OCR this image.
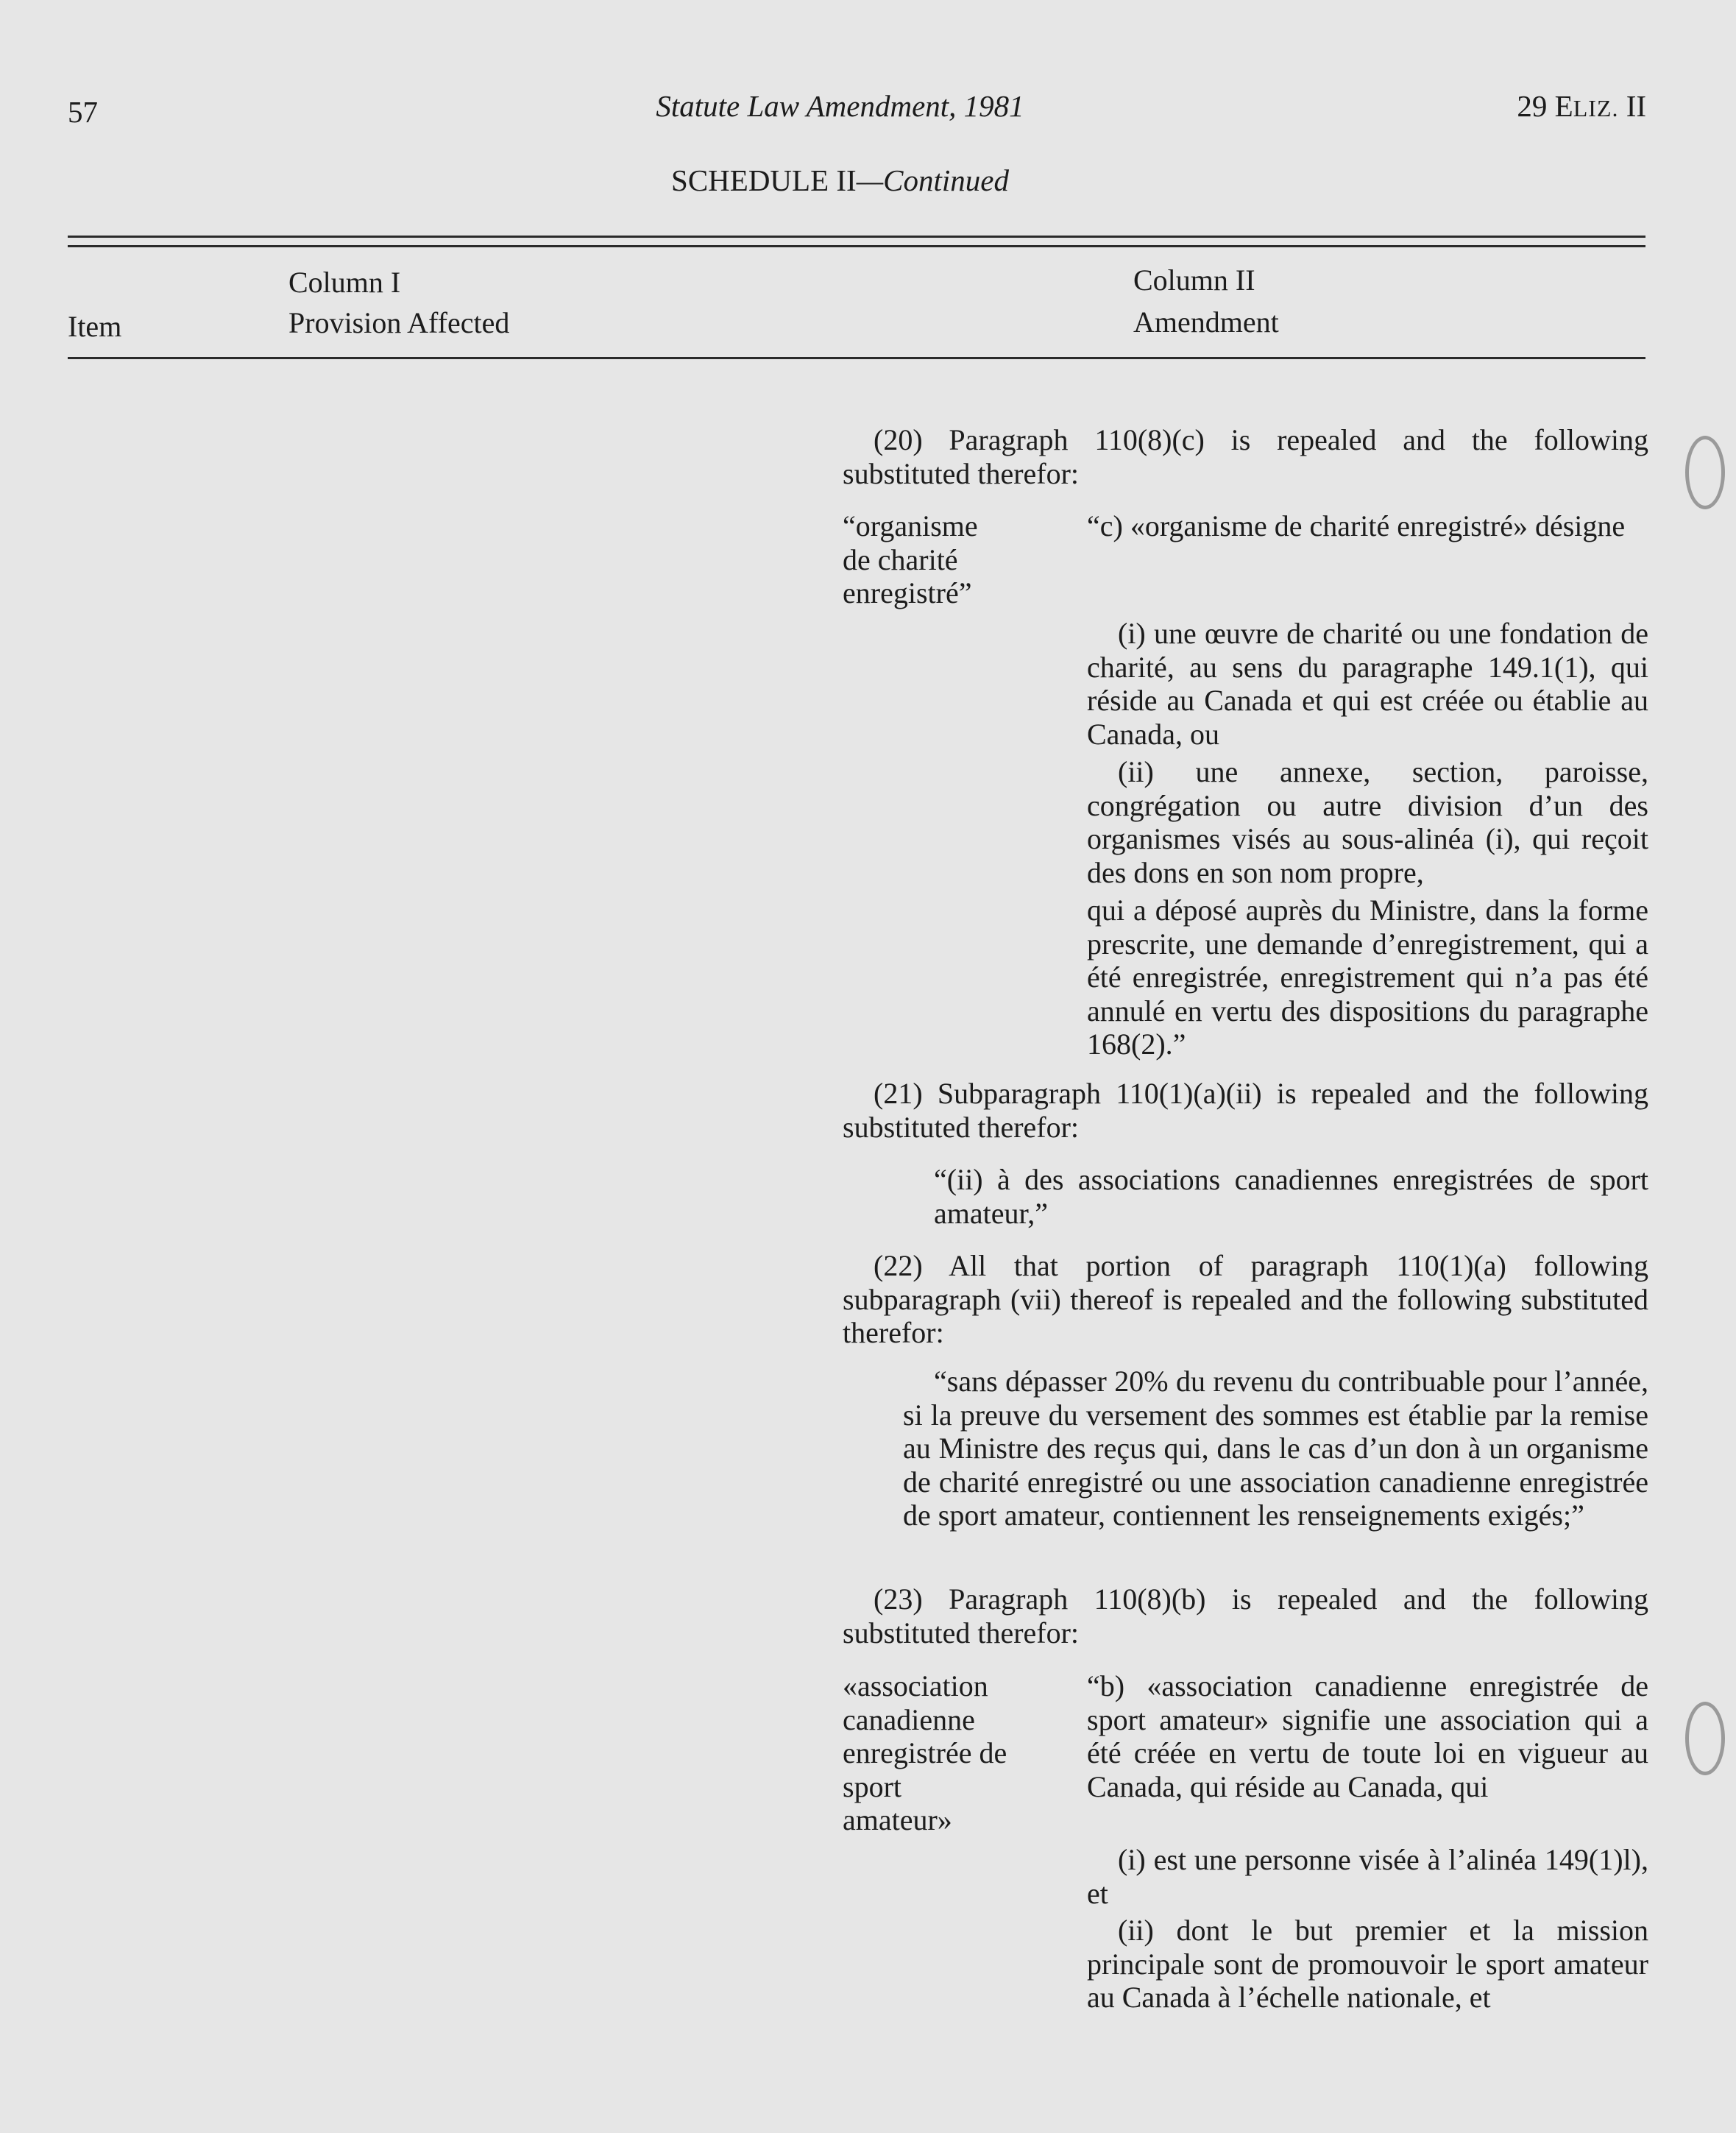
57	Statute Law Amendment, 1981	29 ELIZ. II
SCHEDULE II—Continued
Item
Column I
Provision Affected
Column II
Amendment
(20) Paragraph 110(8)(c) is repealed and the following substituted therefor:
“organisme
de charité
enregistré”
“c) «organisme de charité enregistré» désigne
(i) une œuvre de charité ou une fondation de charité, au sens du paragraphe 149.1(1), qui réside au Canada et qui est créée ou établie au Canada, ou
(ii) une annexe, section, paroisse, congrégation ou autre division d’un des organismes visés au sous-alinéa (i), qui reçoit des dons en son nom propre,
qui a déposé auprès du Ministre, dans la forme prescrite, une demande d’enregistrement, qui a été enregistrée, enregistrement qui n’a pas été annulé en vertu des dispositions du paragraphe 168(2).”
(21) Subparagraph 110(1)(a)(ii) is repealed and the following substituted therefor:
“(ii) à des associations canadiennes enregistrées de sport amateur,”
(22) All that portion of paragraph 110(1)(a) following subparagraph (vii) thereof is repealed and the following substituted therefor:
“sans dépasser 20% du revenu du contribuable pour l’année, si la preuve du versement des sommes est établie par la remise au Ministre des reçus qui, dans le cas d’un don à un organisme de charité enregistré ou une association canadienne enregistrée de sport amateur, contiennent les renseignements exigés;”
(23) Paragraph 110(8)(b) is repealed and the following substituted therefor:
«association
canadienne
enregistrée de
sport
amateur»
“b) «association canadienne enregistrée de sport amateur» signifie une association qui a été créée en vertu de toute loi en vigueur au Canada, qui réside au Canada, qui
(i) est une personne visée à l’alinéa 149(1)l), et
(ii) dont le but premier et la mission principale sont de promouvoir le sport amateur au Canada à l’échelle nationale, et
